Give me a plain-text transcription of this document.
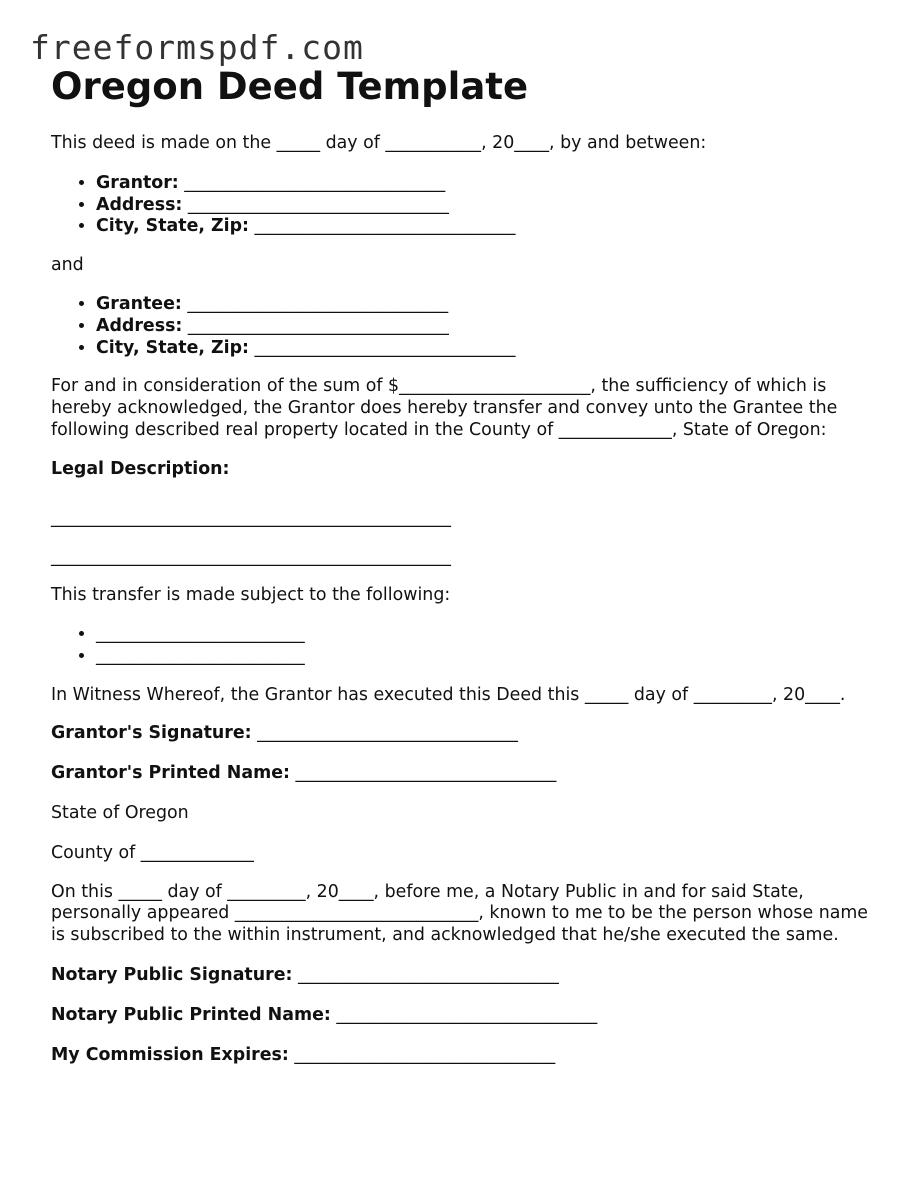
freeformspdf.com
Oregon Deed Template

This deed is made on the _____ day of ___________, 20____, by and between:

• Grantor: ______________________________
• Address: ______________________________
• City, State, Zip: ______________________________

and

• Grantee: ______________________________
• Address: ______________________________
• City, State, Zip: ______________________________

For and in consideration of the sum of $______________________, the sufficiency of which is hereby acknowledged, the Grantor does hereby transfer and convey unto the Grantee the following described real property located in the County of _____________, State of Oregon:

Legal Description:

______________________________________________

______________________________________________

This transfer is made subject to the following:

• ________________________
• ________________________

In Witness Whereof, the Grantor has executed this Deed this _____ day of _________, 20____.

Grantor's Signature: ______________________________

Grantor's Printed Name: ______________________________

State of Oregon

County of _____________

On this _____ day of _________, 20____, before me, a Notary Public in and for said State, personally appeared ____________________________, known to me to be the person whose name is subscribed to the within instrument, and acknowledged that he/she executed the same.

Notary Public Signature: ______________________________

Notary Public Printed Name: ______________________________

My Commission Expires: ______________________________
